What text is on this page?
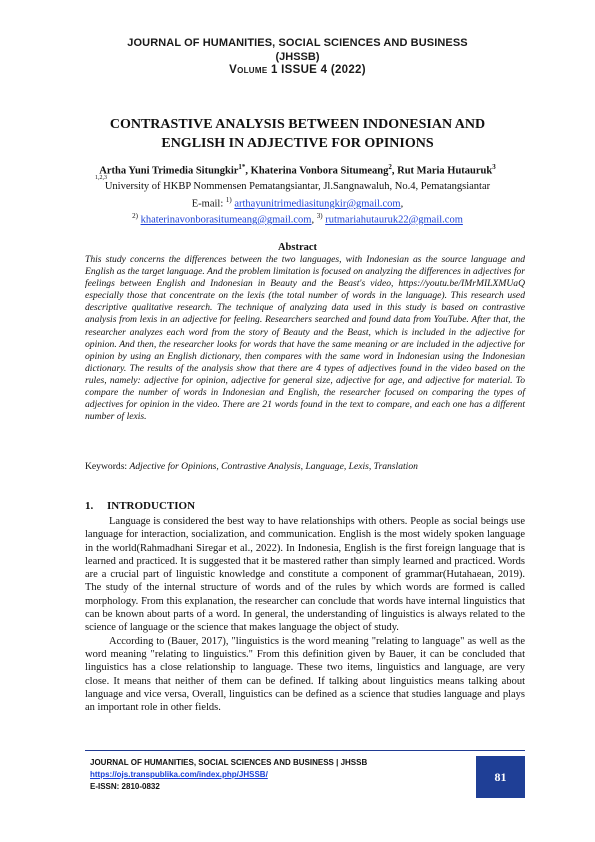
JOURNAL OF HUMANITIES, SOCIAL SCIENCES AND BUSINESS
(JHSSB)
Volume 1 ISSUE 4 (2022)
CONTRASTIVE ANALYSIS BETWEEN INDONESIAN AND
ENGLISH IN ADJECTIVE FOR OPINIONS
Artha Yuni Trimedia Situngkir$^{1*}$, Khaterina Vonbora Situmeang$^2$, Rut Maria Hutauruk$^3$
1,2,3
University of HKBP Nommensen Pematangsiantar, Jl.Sangnawaluh, No.4, Pematangsiantar
E-mail: $^{1)}$ arthayunitrimediasitungkir@gmail.com,
$^{2)}$ khaterinavonborasitumeang@gmail.com, $^{3)}$ rutmariahutauruk22@gmail.com
Abstract
This study concerns the differences between the two languages, with Indonesian as the source language and English as the target language. And the problem limitation is focused on analyzing the differences in adjectives for feelings between English and Indonesian in Beauty and the Beast's video, https://youtu.be/IMrMILXMUaQ especially those that concentrate on the lexis (the total number of words in the language). This research used descriptive qualitative research. The technique of analyzing data used in this study is based on contrastive analysis from lexis in an adjective for feeling. Researchers searched and found data from YouTube. After that, the researcher analyzes each word from the story of Beauty and the Beast, which is included in the adjective for opinion. And then, the researcher looks for words that have the same meaning or are included in the adjective for opinion by using an English dictionary, then compares with the same word in Indonesian using the Indonesian dictionary. The results of the analysis show that there are 4 types of adjectives found in the video based on the rules, namely: adjective for opinion, adjective for general size, adjective for age, and adjective for material. To compare the number of words in Indonesian and English, the researcher focused on comparing the types of adjectives for opinion in the video. There are 21 words found in the text to compare, and each one has a different number of lexis.
Keywords: Adjective for Opinions, Contrastive Analysis, Language, Lexis, Translation
1. INTRODUCTION

Language is considered the best way to have relationships with others. People as social beings use language for interaction, socialization, and communication. English is the most widely spoken language in the world(Rahmadhani Siregar et al., 2022). In Indonesia, English is the first foreign language that is learned and practiced. It is suggested that it be mastered rather than simply learned and practiced. Words are a crucial part of linguistic knowledge and constitute a component of grammar(Hutahaean, 2019). The study of the internal structure of words and of the rules by which words are formed is called morphology. From this explanation, the researcher can conclude that words have internal linguistics that can be known about parts of a word. In general, the understanding of linguistics is always related to the science of language or the science that makes language the object of study.

According to (Bauer, 2017), "linguistics is the word meaning "relating to language" as well as the word meaning "relating to linguistics." From this definition given by Bauer, it can be concluded that linguistics has a close relationship to language. These two items, linguistics and language, are very close. It means that neither of them can be defined. If talking about linguistics means talking about language and vice versa, Overall, linguistics can be defined as a science that studies language and plays an important role in other fields.

JOURNAL OF HUMANITIES, SOCIAL SCIENCES AND BUSINESS | JHSSB
https://ojs.transpublika.com/index.php/JHSSB/
E-ISSN: 2810-0832
81
